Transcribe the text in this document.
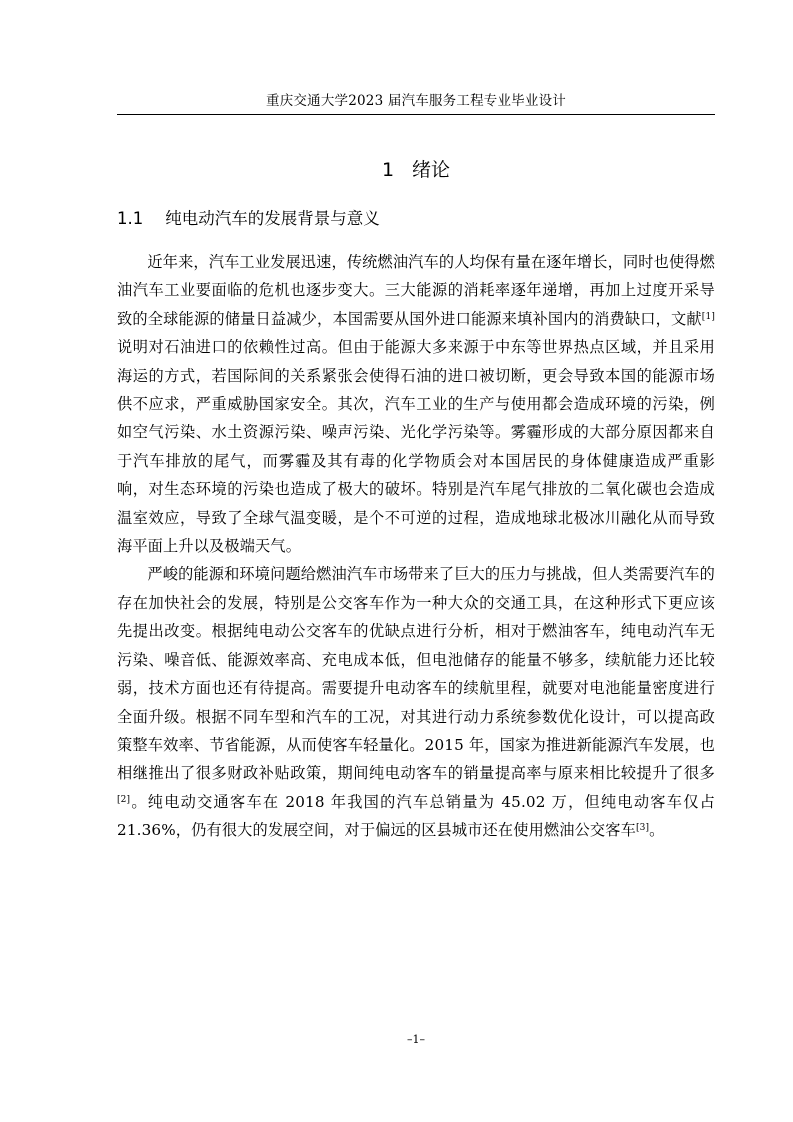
重庆交通大学2023 届汽车服务工程专业毕业设计
1 绪论
1.1 纯电动汽车的发展背景与意义

近年来，汽车工业发展迅速，传统燃油汽车的人均保有量在逐年增长，同时也使得燃油汽车工业要面临的危机也逐步变大。三大能源的消耗率逐年递增，再加上过度开采导致的全球能源的储量日益减少，本国需要从国外进口能源来填补国内的消费缺口，文献[1]说明对石油进口的依赖性过高。但由于能源大多来源于中东等世界热点区域，并且采用海运的方式，若国际间的关系紧张会使得石油的进口被切断，更会导致本国的能源市场供不应求，严重威胁国家安全。其次，汽车工业的生产与使用都会造成环境的污染，例如空气污染、水土资源污染、噪声污染、光化学污染等。雾霾形成的大部分原因都来自于汽车排放的尾气，而雾霾及其有毒的化学物质会对本国居民的身体健康造成严重影响，对生态环境的污染也造成了极大的破坏。特别是汽车尾气排放的二氧化碳也会造成温室效应，导致了全球气温变暖，是个不可逆的过程，造成地球北极冰川融化从而导致海平面上升以及极端天气。

严峻的能源和环境问题给燃油汽车市场带来了巨大的压力与挑战，但人类需要汽车的存在加快社会的发展，特别是公交客车作为一种大众的交通工具，在这种形式下更应该先提出改变。根据纯电动公交客车的优缺点进行分析，相对于燃油客车，纯电动汽车无污染、噪音低、能源效率高、充电成本低，但电池储存的能量不够多，续航能力还比较弱，技术方面也还有待提高。需要提升电动客车的续航里程，就要对电池能量密度进行全面升级。根据不同车型和汽车的工况，对其进行动力系统参数优化设计，可以提高政策整车效率、节省能源，从而使客车轻量化。2015 年，国家为推进新能源汽车发展，也相继推出了很多财政补贴政策，期间纯电动客车的销量提高率与原来相比较提升了很多[2]。纯电动交通客车在 2018 年我国的汽车总销量为 45.02 万，但纯电动客车仅占 21.36%，仍有很大的发展空间，对于偏远的区县城市还在使用燃油公交客车[3]。

–1–
